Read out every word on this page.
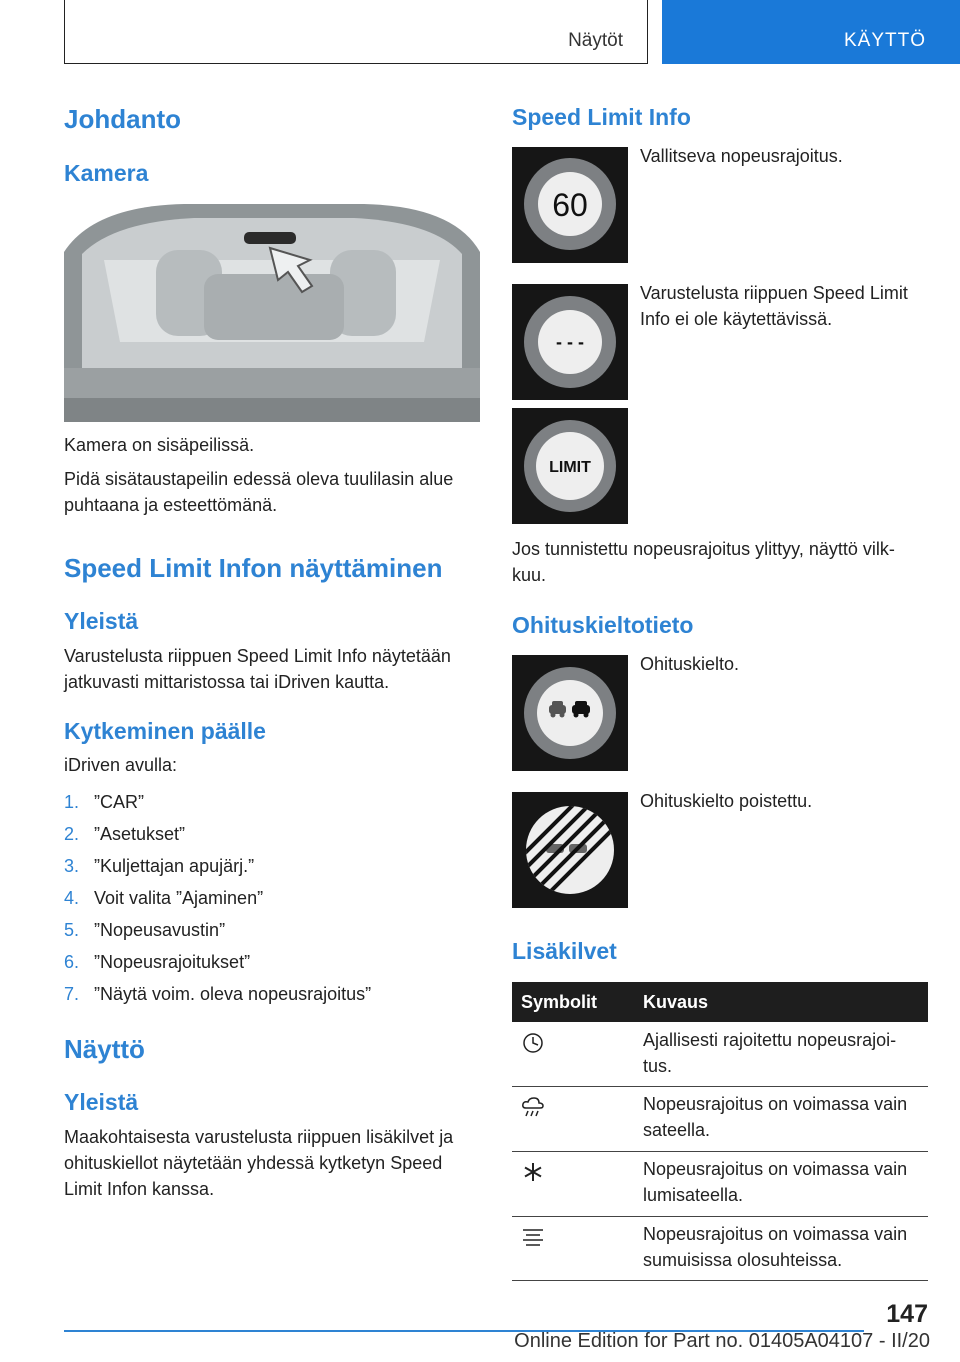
Näytöt	KÄYTTÖ
Johdanto
Kamera
Kamera on sisäpeilissä.
Pidä sisätaustapeilin edessä oleva tuulilasin alue
puhtaana ja esteettömänä.
Speed Limit Infon näyttäminen
Yleistä
Varustelusta riippuen Speed Limit Info näytetään
jatkuvasti mittaristossa tai iDriven kautta.
Kytkeminen päälle
iDriven avulla:
1. ”CAR”
2. ”Asetukset”
3. ”Kuljettajan apujärj.”
4. Voit valita ”Ajaminen”
5. ”Nopeusavustin”
6. ”Nopeusrajoitukset”
7. ”Näytä voim. oleva nopeusrajoitus”
Näyttö
Yleistä
Maakohtaisesta varustelusta riippuen lisäkilvet ja
ohituskiellot näytetään yhdessä kytketyn Speed
Limit Infon kanssa.
Speed Limit Info
60
Vallitseva nopeusrajoitus.
- - -
Varustelusta riippuen Speed Limit
Info ei ole käytettävissä.
LIMIT
Jos tunnistettu nopeusrajoitus ylittyy, näyttö vilk-
kuu.
Ohituskieltotieto
Ohituskielto.
Ohituskielto poistettu.
Lisäkilvet
Symbolit	Kuvaus
Ajallisesti rajoitettu nopeusrajoi-
tus.
Nopeusrajoitus on voimassa vain
sateella.
Nopeusrajoitus on voimassa vain
lumisateella.
Nopeusrajoitus on voimassa vain
sumuisissa olosuhteissa.
147
Online Edition for Part no. 01405A04107 - II/20
